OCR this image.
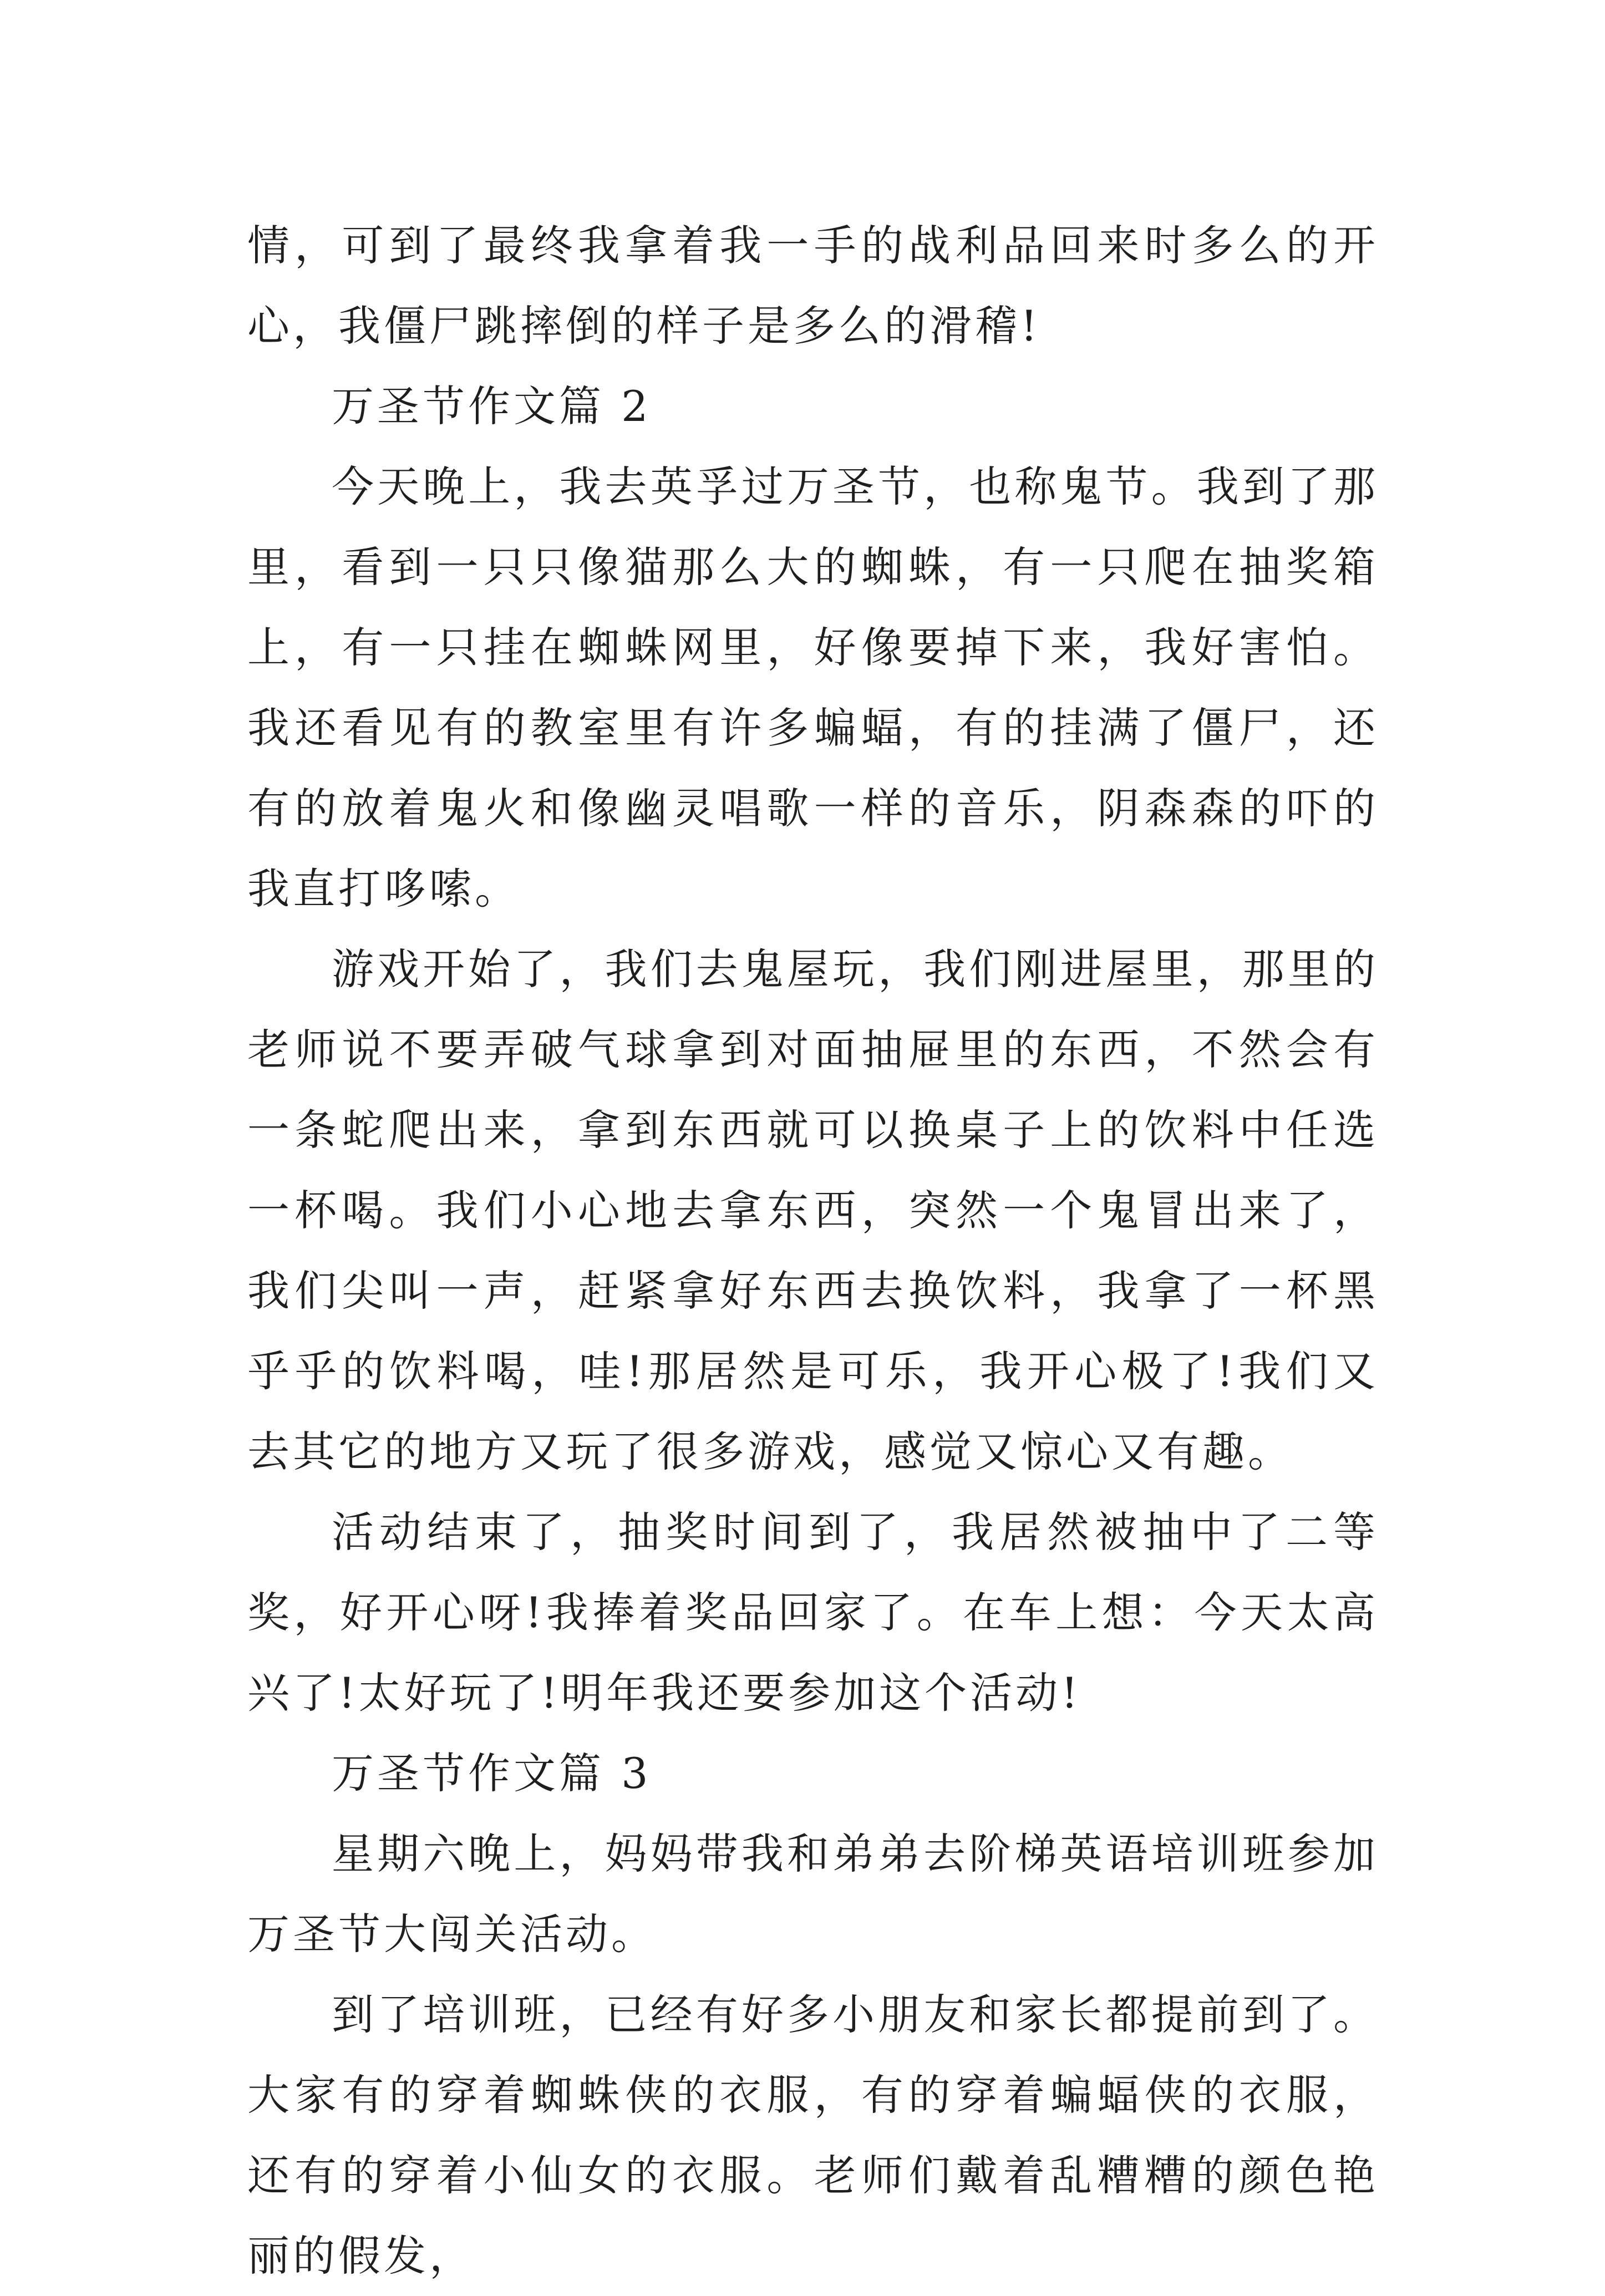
情，可到了最终我拿着我一手的战利品回来时多么的开心，我僵尸跳摔倒的样子是多么的滑稽!

万圣节作文篇 2

今天晚上，我去英孚过万圣节，也称鬼节。我到了那里，看到一只只像猫那么大的蜘蛛，有一只爬在抽奖箱上，有一只挂在蜘蛛网里，好像要掉下来，我好害怕。我还看见有的教室里有许多蝙蝠，有的挂满了僵尸，还有的放着鬼火和像幽灵唱歌一样的音乐，阴森森的吓的我直打哆嗦。

游戏开始了，我们去鬼屋玩，我们刚进屋里，那里的老师说不要弄破气球拿到对面抽屉里的东西，不然会有一条蛇爬出来，拿到东西就可以换桌子上的饮料中任选一杯喝。我们小心地去拿东西，突然一个鬼冒出来了，我们尖叫一声，赶紧拿好东西去换饮料，我拿了一杯黑乎乎的饮料喝，哇!那居然是可乐，我开心极了!我们又去其它的地方又玩了很多游戏，感觉又惊心又有趣。

活动结束了，抽奖时间到了，我居然被抽中了二等奖，好开心呀!我捧着奖品回家了。在车上想：今天太高兴了!太好玩了!明年我还要参加这个活动!

万圣节作文篇 3

星期六晚上，妈妈带我和弟弟去阶梯英语培训班参加万圣节大闯关活动。

到了培训班，已经有好多小朋友和家长都提前到了。大家有的穿着蜘蛛侠的衣服，有的穿着蝙蝠侠的衣服，还有的穿着小仙女的衣服。老师们戴着乱糟糟的颜色艳丽的假发，
